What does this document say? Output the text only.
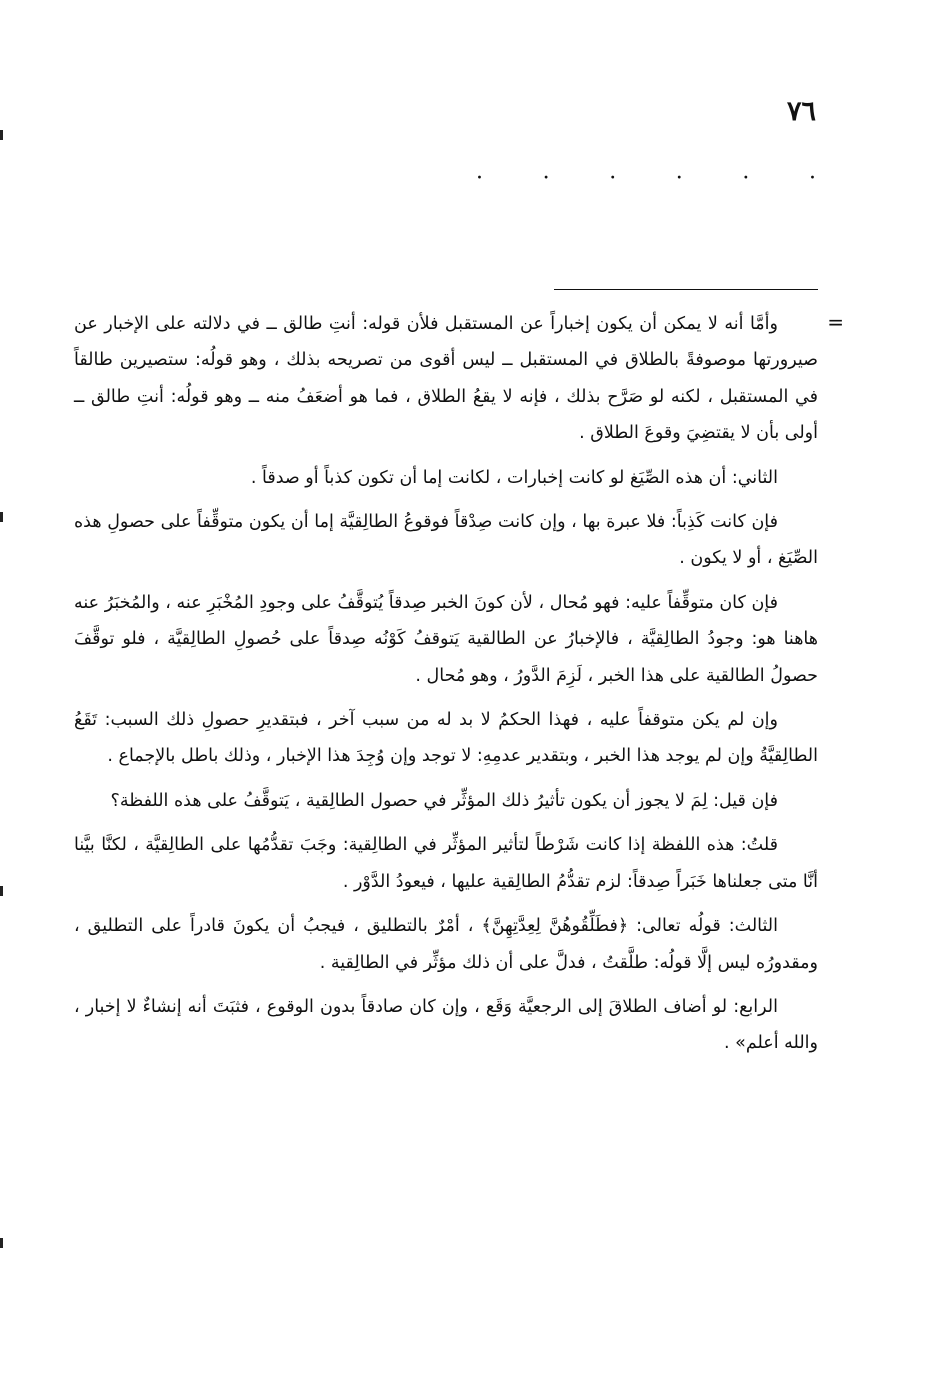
٧٦
·	·	·	·	·	·
=

وأمَّا أنه لا يمكن أن يكون إخباراً عن المستقبل فلأن قوله: أنتِ طالق ــ في دلالته على الإخبار عن صيرورتها موصوفةً بالطلاق في المستقبل ــ ليس أقوى من تصريحه بذلك ، وهو قولُه: ستصيرين طالقاً في المستقبل ، لكنه لو صَرَّح بذلك ، فإنه لا يقعُ الطلاق ، فما هو أضعَفُ منه ــ وهو قولُه: أنتِ طالق ــ أولى بأن لا يقتضِيَ وقوعَ الطلاق .

الثاني: أن هذه الصِّيَغ لو كانت إخبارات ، لكانت إما أن تكون كذباً أو صدقاً .

فإن كانت كَذِباً: فلا عبرة بها ، وإن كانت صِدْقاً فوقوعُ الطالِقيَّة إما أن يكون متوقِّفاً على حصولِ هذه الصِّيَغ ، أو لا يكون .

فإن كان متوقِّفاً عليه: فهو مُحال ، لأن كونَ الخبر صِدقاً يُتوقَّفُ على وجودِ المُخْبَرِ عنه ، والمُخبَرُ عنه هاهنا هو: وجودُ الطالِقيَّة ، فالإخبارُ عن الطالقية يَتوقفُ كَوْنُه صِدقاً على حُصولِ الطالِقيَّة ، فلو توقَّفَ حصولُ الطالقية على هذا الخبر ، لَزِمَ الدَّورُ ، وهو مُحال .

وإن لم يكن متوقفاً عليه ، فهذا الحكمُ لا بد له من سبب آخر ، فبتقديرِ حصولِ ذلك السبب: تَقَعُ الطالِقيَّةُ وإن لم يوجد هذا الخبر ، وبتقدير عدمِهِ: لا توجد وإن وُجِدَ هذا الإخبار ، وذلك باطل بالإجماع .

فإن قيل: لِمَ لا يجوز أن يكون تأثيرُ ذلك المؤثِّر في حصول الطالِقية ، يَتوقَّفُ على هذه اللفظة؟

قلتُ: هذه اللفظة إذا كانت شَرْطاً لتأثير المؤثِّر في الطالِقية: وجَبَ تقدُّمُها على الطالِقيَّة ، لكنَّا بيَّنا أنَّا متى جعلناها خَبَراً صِدقاً: لزم تقدُّمُ الطالِقية عليها ، فيعودُ الدَّوْر .

الثالث: قولُه تعالى: ﴿فطَلِّقُوهُنَّ لِعِدَّتِهِنَّ﴾ ، أمْرٌ بالتطليق ، فيجبُ أن يكونَ قادراً على التطليق ، ومقدورُه ليس إلَّا قولُه: طلَّقتُ ، فدلَّ على أن ذلك مؤثِّر في الطالِقية .

الرابع: لو أضاف الطلاقَ إلى الرجعيَّة وَقَع ، وإن كان صادقاً بدون الوقوع ، فثبَتَ أنه إنشاءٌ لا إخبار ، والله أعلم» .
